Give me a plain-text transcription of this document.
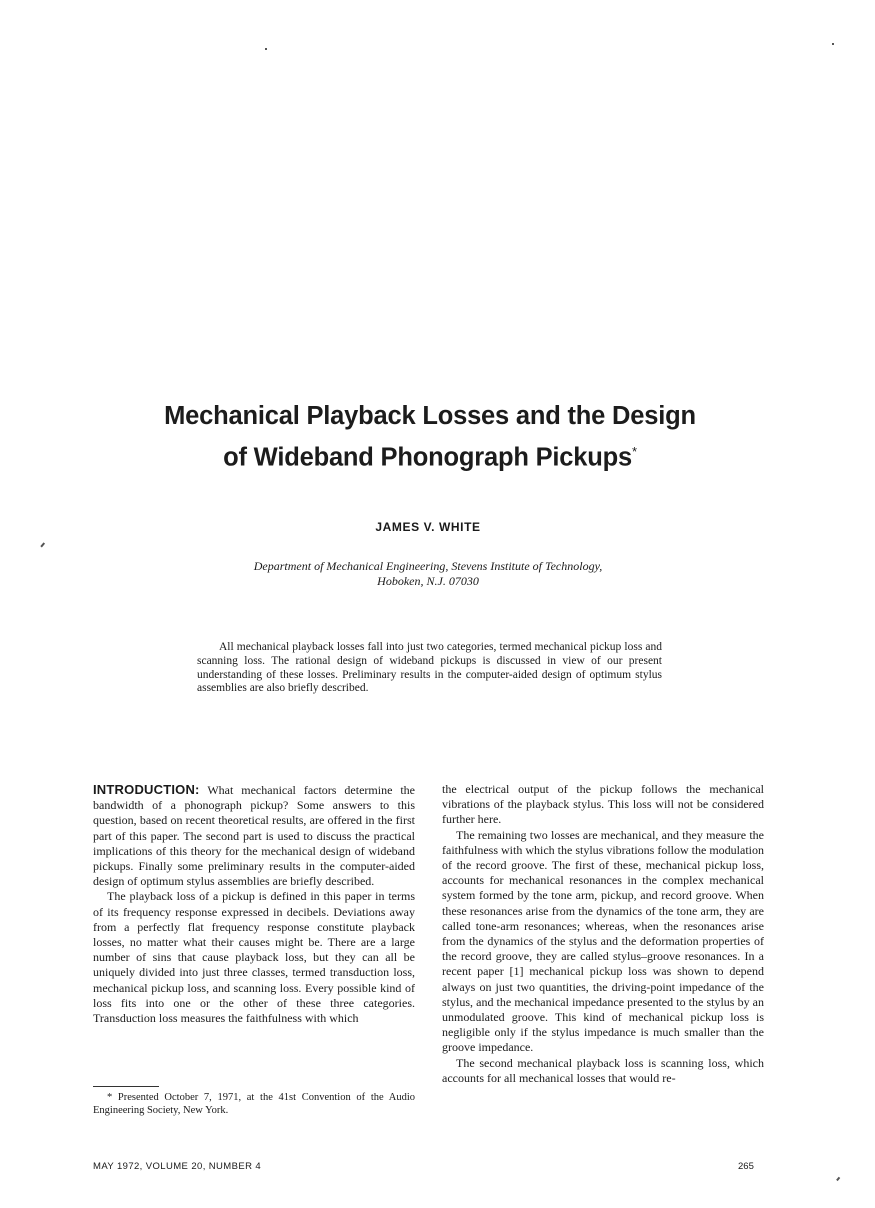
Mechanical Playback Losses and the Design
of Wideband Phonograph Pickups*
JAMES V. WHITE
Department of Mechanical Engineering, Stevens Institute of Technology,
Hoboken, N.J. 07030
All mechanical playback losses fall into just two categories, termed mechanical pickup loss and scanning loss. The rational design of wideband pickups is discussed in view of our present understanding of these losses. Preliminary results in the computer-aided design of optimum stylus assemblies are also briefly described.

INTRODUCTION: What mechanical factors determine the bandwidth of a phonograph pickup? Some answers to this question, based on recent theoretical results, are offered in the first part of this paper. The second part is used to discuss the practical implications of this theory for the mechanical design of wideband pickups. Finally some preliminary results in the computer-aided design of optimum stylus assemblies are briefly described.

The playback loss of a pickup is defined in this paper in terms of its frequency response expressed in decibels. Deviations away from a perfectly flat frequency response constitute playback losses, no matter what their causes might be. There are a large number of sins that cause playback loss, but they can all be uniquely divided into just three classes, termed transduction loss, mechanical pickup loss, and scanning loss. Every possible kind of loss fits into one or the other of these three categories. Transduction loss measures the faithfulness with which

the electrical output of the pickup follows the mechanical vibrations of the playback stylus. This loss will not be considered further here.

The remaining two losses are mechanical, and they measure the faithfulness with which the stylus vibrations follow the modulation of the record groove. The first of these, mechanical pickup loss, accounts for mechanical resonances in the complex mechanical system formed by the tone arm, pickup, and record groove. When these resonances arise from the dynamics of the tone arm, they are called tone-arm resonances; whereas, when the resonances arise from the dynamics of the stylus and the deformation properties of the record groove, they are called stylus–groove resonances. In a recent paper [1] mechanical pickup loss was shown to depend always on just two quantities, the driving-point impedance of the stylus, and the mechanical impedance presented to the stylus by an unmodulated groove. This kind of mechanical pickup loss is negligible only if the stylus impedance is much smaller than the groove impedance.

The second mechanical playback loss is scanning loss, which accounts for all mechanical losses that would re-

* Presented October 7, 1971, at the 41st Convention of the Audio Engineering Society, New York.
MAY 1972, VOLUME 20, NUMBER 4	265
